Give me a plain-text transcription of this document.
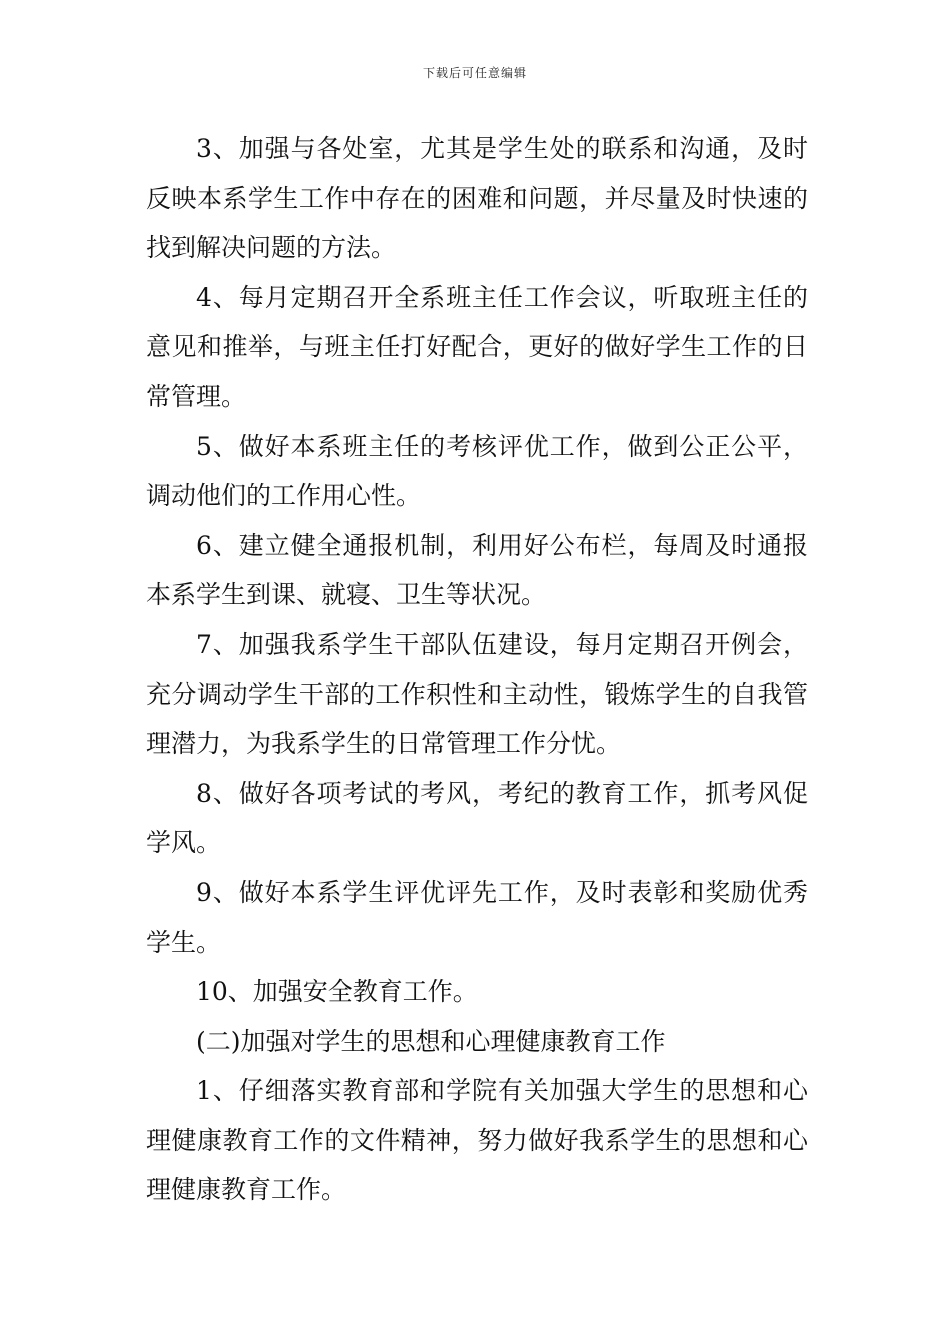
下载后可任意编辑

3、加强与各处室，尤其是学生处的联系和沟通，及时反映本系学生工作中存在的困难和问题，并尽量及时快速的找到解决问题的方法。

4、每月定期召开全系班主任工作会议，听取班主任的意见和推举，与班主任打好配合，更好的做好学生工作的日常管理。

5、做好本系班主任的考核评优工作，做到公正公平，调动他们的工作用心性。

6、建立健全通报机制，利用好公布栏，每周及时通报本系学生到课、就寝、卫生等状况。

7、加强我系学生干部队伍建设，每月定期召开例会，充分调动学生干部的工作积性和主动性，锻炼学生的自我管理潜力，为我系学生的日常管理工作分忧。

8、做好各项考试的考风，考纪的教育工作，抓考风促学风。

9、做好本系学生评优评先工作，及时表彰和奖励优秀学生。

10、加强安全教育工作。

(二)加强对学生的思想和心理健康教育工作

1、仔细落实教育部和学院有关加强大学生的思想和心理健康教育工作的文件精神，努力做好我系学生的思想和心理健康教育工作。
